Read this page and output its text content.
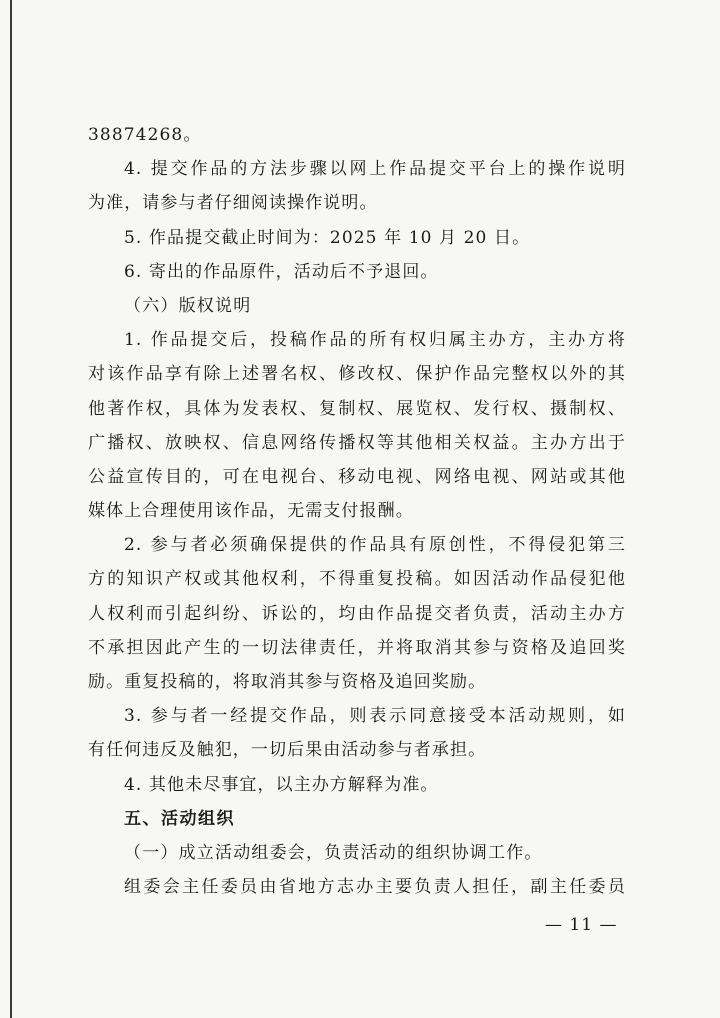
38874268。
4. 提交作品的方法步骤以网上作品提交平台上的操作说明
为准，请参与者仔细阅读操作说明。
5. 作品提交截止时间为：2025 年 10 月 20 日。
6. 寄出的作品原件，活动后不予退回。
（六）版权说明
1. 作品提交后，投稿作品的所有权归属主办方，主办方将
对该作品享有除上述署名权、修改权、保护作品完整权以外的其
他著作权，具体为发表权、复制权、展览权、发行权、摄制权、
广播权、放映权、信息网络传播权等其他相关权益。主办方出于
公益宣传目的，可在电视台、移动电视、网络电视、网站或其他
媒体上合理使用该作品，无需支付报酬。
2. 参与者必须确保提供的作品具有原创性，不得侵犯第三
方的知识产权或其他权利，不得重复投稿。如因活动作品侵犯他
人权利而引起纠纷、诉讼的，均由作品提交者负责，活动主办方
不承担因此产生的一切法律责任，并将取消其参与资格及追回奖
励。重复投稿的，将取消其参与资格及追回奖励。
3. 参与者一经提交作品，则表示同意接受本活动规则，如
有任何违反及触犯，一切后果由活动参与者承担。
4. 其他未尽事宜，以主办方解释为准。
五、活动组织
（一）成立活动组委会，负责活动的组织协调工作。
组委会主任委员由省地方志办主要负责人担任，副主任委员
— 11 —
